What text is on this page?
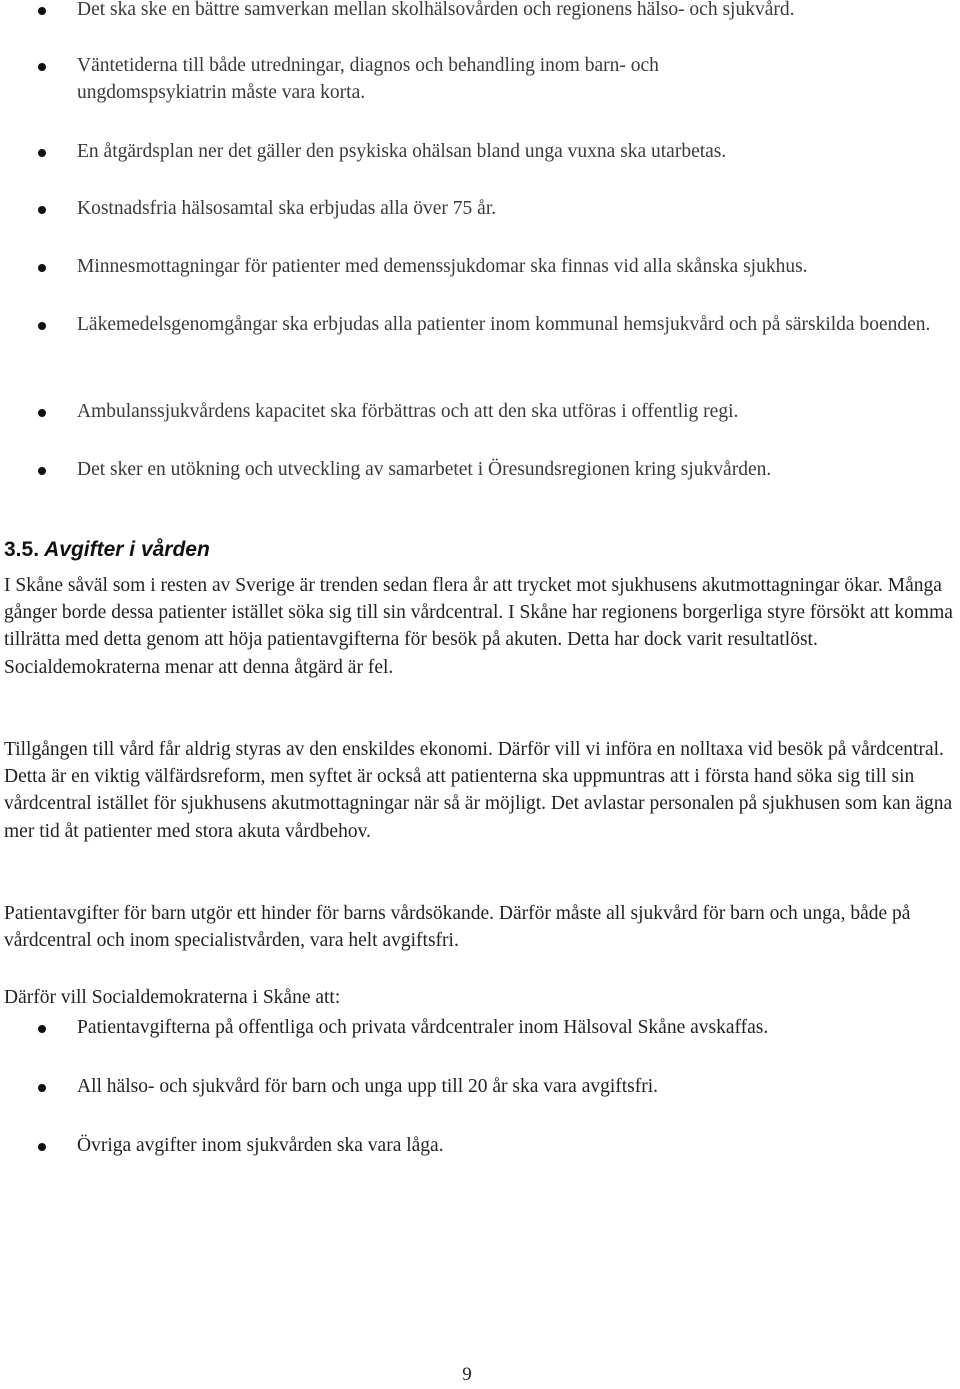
Det ska ske en bättre samverkan mellan skolhälsovården och regionens hälso- och sjukvård.

Väntetiderna till både utredningar, diagnos och behandling inom barn- och ungdomspsykiatrin måste vara korta.

En åtgärdsplan ner det gäller den psykiska ohälsan bland unga vuxna ska utarbetas.

Kostnadsfria hälsosamtal ska erbjudas alla över 75 år.

Minnesmottagningar för patienter med demenssjukdomar ska finnas vid alla skånska sjukhus.

Läkemedelsgenomgångar ska erbjudas alla patienter inom kommunal hemsjukvård och på särskilda boenden.

Ambulanssjukvårdens kapacitet ska förbättras och att den ska utföras i offentlig regi.

Det sker en utökning och utveckling av samarbetet i Öresundsregionen kring sjukvården.

3.5. Avgifter i vården

I Skåne såväl som i resten av Sverige är trenden sedan flera år att trycket mot sjukhusens akutmottagningar ökar. Många gånger borde dessa patienter istället söka sig till sin vårdcentral. I Skåne har regionens borgerliga styre försökt att komma tillrätta med detta genom att höja patientavgifterna för besök på akuten. Detta har dock varit resultatlöst. Socialdemokraterna menar att denna åtgärd är fel.

Tillgången till vård får aldrig styras av den enskildes ekonomi. Därför vill vi införa en nolltaxa vid besök på vårdcentral. Detta är en viktig välfärdsreform, men syftet är också att patienterna ska uppmuntras att i första hand söka sig till sin vårdcentral istället för sjukhusens akutmottagningar när så är möjligt. Det avlastar personalen på sjukhusen som kan ägna mer tid åt patienter med stora akuta vårdbehov.

Patientavgifter för barn utgör ett hinder för barns vårdsökande. Därför måste all sjukvård för barn och unga, både på vårdcentral och inom specialistvården, vara helt avgiftsfri.

Därför vill Socialdemokraterna i Skåne att:

Patientavgifterna på offentliga och privata vårdcentraler inom Hälsoval Skåne avskaffas.

All hälso- och sjukvård för barn och unga upp till 20 år ska vara avgiftsfri.

Övriga avgifter inom sjukvården ska vara låga.

9
